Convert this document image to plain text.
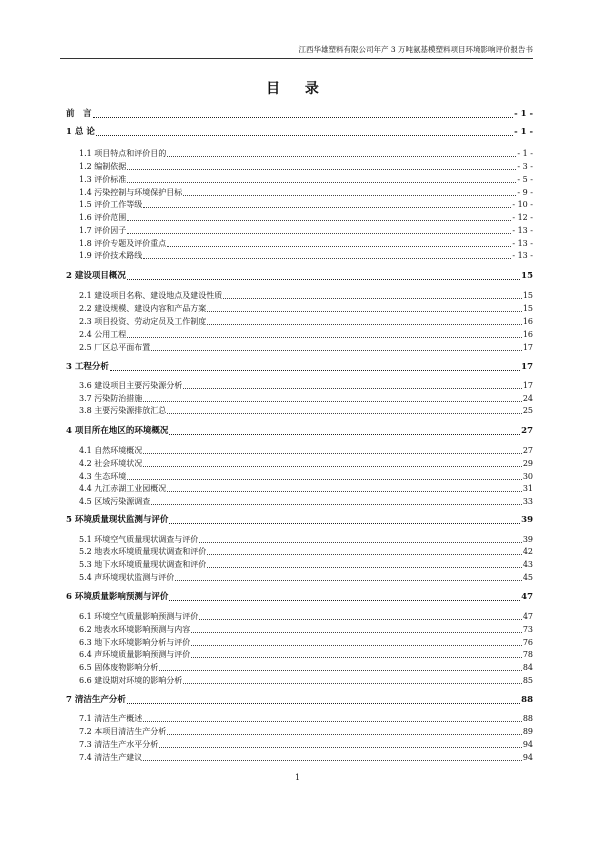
江西华雄塑料有限公司年产 3 万吨氨基模塑料项目环境影响评价报告书
目 录
前　言	- 1 -
1 总 论	- 1 -
1.1 项目特点和评价目的	- 1 -
1.2 编制依据	- 3 -
1.3 评价标准	- 5 -
1.4 污染控制与环境保护目标	- 9 -
1.5 评价工作等级	- 10 -
1.6 评价范围	- 12 -
1.7 评价因子	- 13 -
1.8 评价专题及评价重点	- 13 -
1.9 评价技术路线	- 13 -
2 建设项目概况	15
2.1 建设项目名称、建设地点及建设性质	15
2.2 建设规模、建设内容和产品方案	15
2.3 项目投资、劳动定员及工作制度	16
2.4 公用工程	16
2.5 厂区总平面布置	17
3 工程分析	17
3.6 建设项目主要污染源分析	17
3.7 污染防治措施	24
3.8 主要污染源排放汇总	25
4 项目所在地区的环境概况	27
4.1 自然环境概况	27
4.2 社会环境状况	29
4.3 生态环境	30
4.4 九江赤湖工业园概况	31
4.5 区域污染源调查	33
5 环境质量现状监测与评价	39
5.1 环境空气质量现状调查与评价	39
5.2 地表水环境质量现状调查和评价	42
5.3 地下水环境质量现状调查和评价	43
5.4 声环境现状监测与评价	45
6 环境质量影响预测与评价	47
6.1 环境空气质量影响预测与评价	47
6.2 地表水环境影响预测与内容	73
6.3 地下水环境影响分析与评价	76
6.4 声环境质量影响预测与评价	78
6.5 固体废物影响分析	84
6.6 建设期对环境的影响分析	85
7 清洁生产分析	88
7.1 清洁生产概述	88
7.2 本项目清洁生产分析	89
7.3 清洁生产水平分析	94
7.4 清洁生产建议	94
1
